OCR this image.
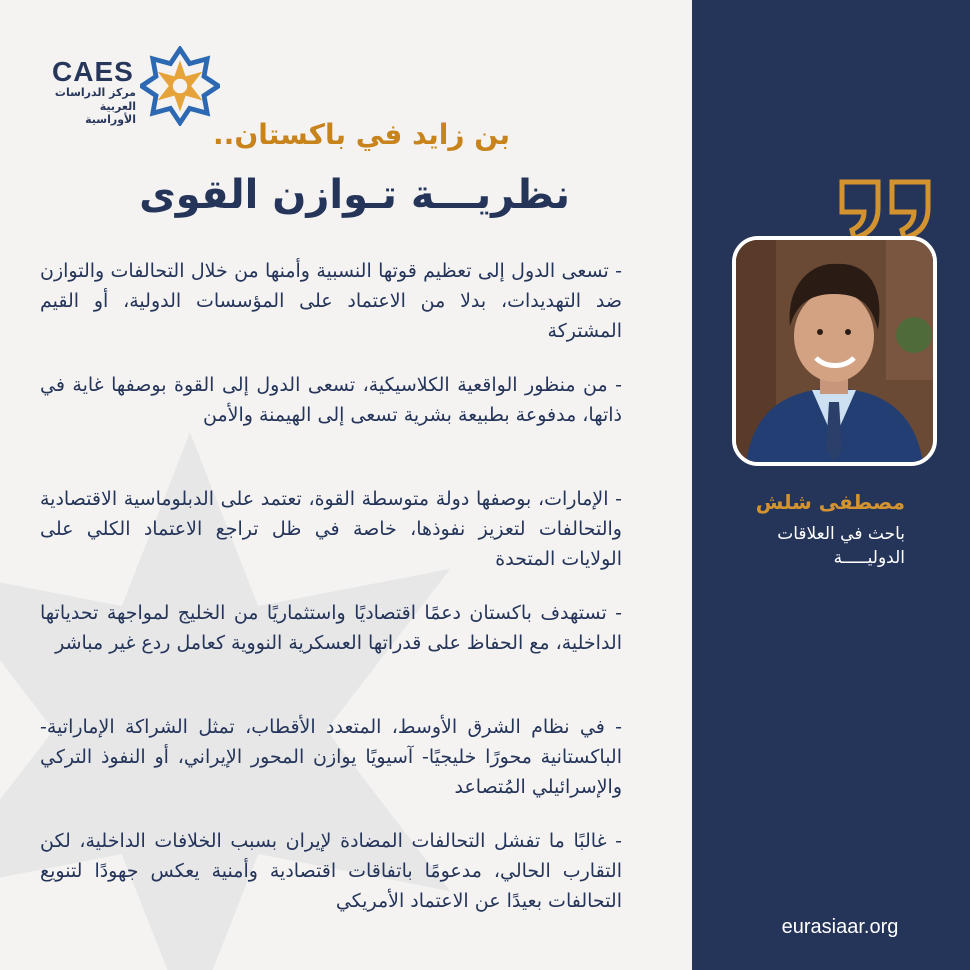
CAES
مركز الدراسات
العربية الأوراسية	بن زايد في باكستان..
نظريـــة تـوازن القوى
- تسعى الدول إلى تعظيم قوتها النسبية وأمنها من خلال التحالفات والتوازن ضد التهديدات، بدلا من الاعتماد على المؤسسات الدولية، أو القيم المشتركة
- من منظور الواقعية الكلاسيكية، تسعى الدول إلى القوة بوصفها غاية في ذاتها، مدفوعة بطبيعة بشرية تسعى إلى الهيمنة والأمن
- الإمارات، بوصفها دولة متوسطة القوة، تعتمد على الدبلوماسية الاقتصادية والتحالفات لتعزيز نفوذها، خاصة في ظل تراجع الاعتماد الكلي على الولايات المتحدة
- تستهدف باكستان دعمًا اقتصاديًا واستثماريًا من الخليج لمواجهة تحدياتها الداخلية، مع الحفاظ على قدراتها العسكرية النووية كعامل ردع غير مباشر
- في نظام الشرق الأوسط، المتعدد الأقطاب، تمثل الشراكة الإماراتية- الباكستانية محورًا خليجيًا- آسيويًا يوازن المحور الإيراني، أو النفوذ التركي والإسرائيلي المُتصاعد
- غالبًا ما تفشل التحالفات المضادة لإيران بسبب الخلافات الداخلية، لكن التقارب الحالي، مدعومًا باتفاقات اقتصادية وأمنية يعكس جهودًا لتنويع التحالفات بعيدًا عن الاعتماد الأمريكي
مصطفى شلش
باحث في العلاقات
الدوليـــــة
eurasiaar.org
